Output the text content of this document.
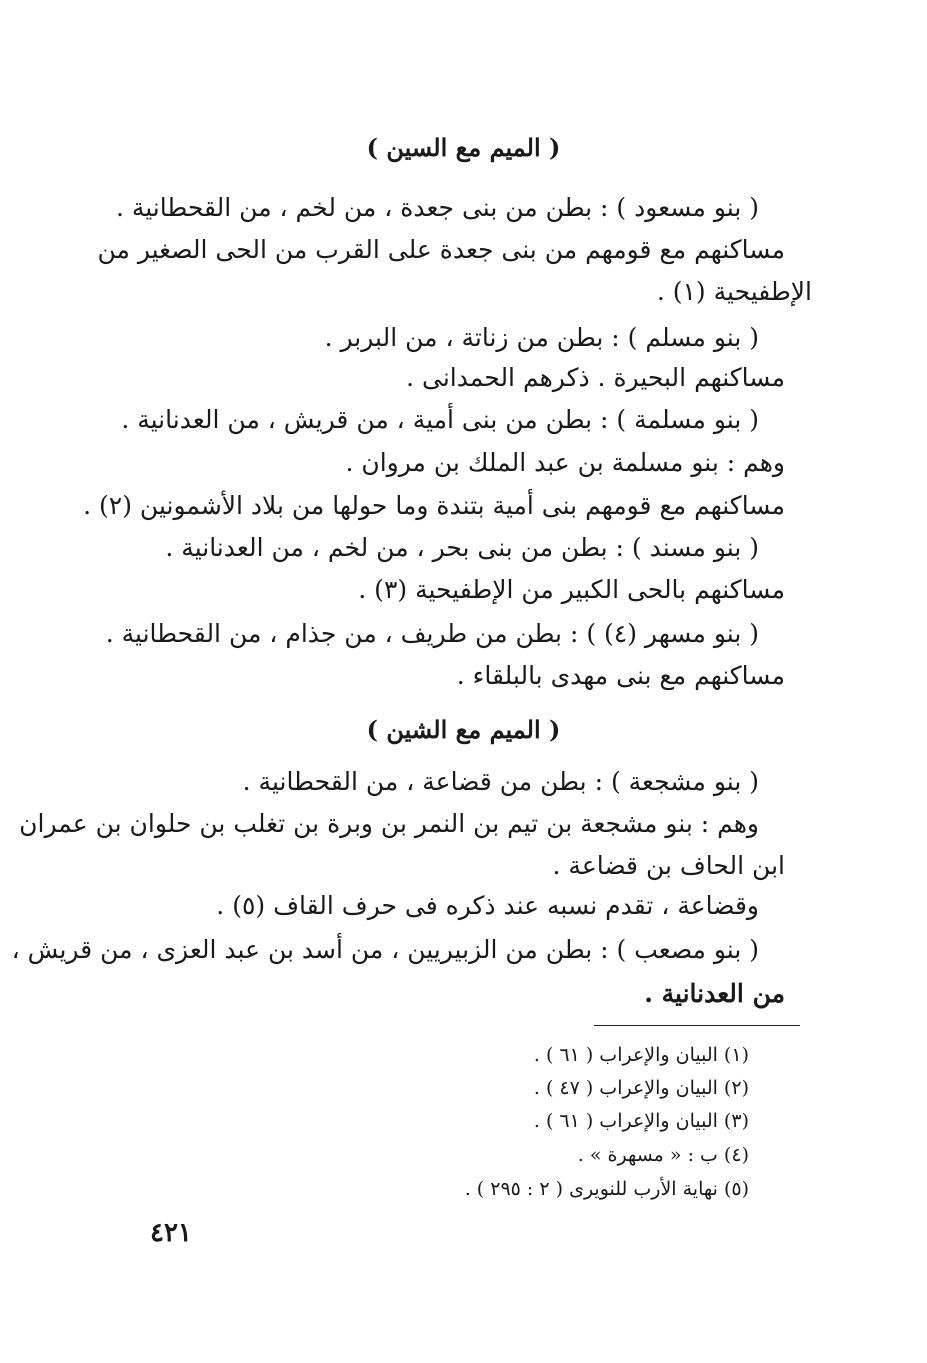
( الميم مع السين )

( بنو مسعود ) : بطن من بنى جعدة ، من لخم ، من القحطانية .

مساكنهم مع قومهم من بنى جعدة على القرب من الحى الصغير من

الإطفيحية (١) .

( بنو مسلم ) : بطن من زناتة ، من البربر .

مساكنهم البحيرة . ذكرهم الحمدانى .

( بنو مسلمة ) : بطن من بنى أمية ، من قريش ، من العدنانية .

وهم : بنو مسلمة بن عبد الملك بن مروان .

مساكنهم مع قومهم بنى أمية بتندة وما حولها من بلاد الأشمونين (٢) .

( بنو مسند ) : بطن من بنى بحر ، من لخم ، من العدنانية .

مساكنهم بالحى الكبير من الإطفيحية (٣) .

( بنو مسهر (٤) ) : بطن من طريف ، من جذام ، من القحطانية .

مساكنهم مع بنى مهدى بالبلقاء .

( الميم مع الشين )

( بنو مشجعة ) : بطن من قضاعة ، من القحطانية .

وهم : بنو مشجعة بن تيم بن النمر بن وبرة بن تغلب بن حلوان بن عمران

ابن الحاف بن قضاعة .

وقضاعة ، تقدم نسبه عند ذكره فى حرف القاف (٥) .

( بنو مصعب ) : بطن من الزبيريين ، من أسد بن عبد العزى ، من قريش ،

من العدنانية .

(١) البيان والإعراب ( ٦١ ) .

(٢) البيان والإعراب ( ٤٧ ) .

(٣) البيان والإعراب ( ٦١ ) .

(٤) ب : « مسهرة » .

(٥) نهاية الأرب للنويرى ( ٢ : ٢٩٥ ) .

٤٢١
